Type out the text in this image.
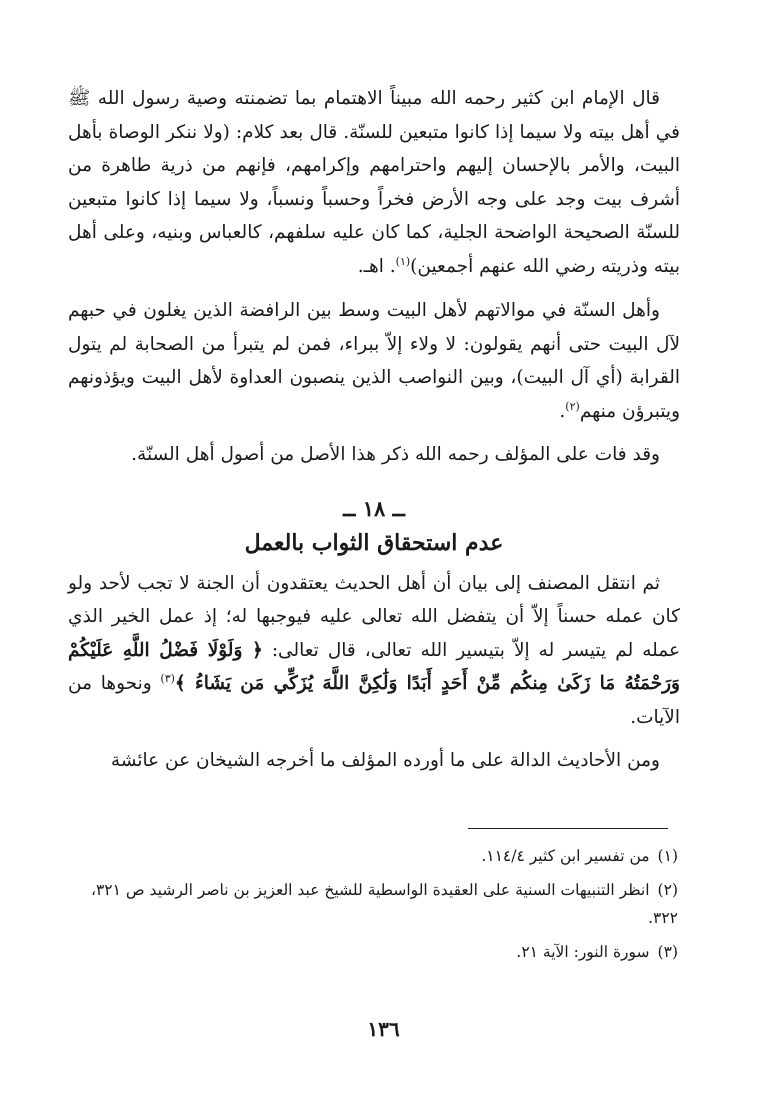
قال الإمام ابن كثير رحمه الله مبيناً الاهتمام بما تضمنته وصية رسول الله ﷺ في أهل بيته ولا سيما إذا كانوا متبعين للسنّة. قال بعد كلام: (ولا ننكر الوصاة بأهل البيت، والأمر بالإحسان إليهم واحترامهم وإكرامهم، فإنهم من ذرية طاهرة من أشرف بيت وجد على وجه الأرض فخراً وحسباً ونسباً، ولا سيما إذا كانوا متبعين للسنّة الصحيحة الواضحة الجلية، كما كان عليه سلفهم، كالعباس وبنيه، وعلى أهل بيته وذريته رضي الله عنهم أجمعين)$^{(١)}$. اهـ.

وأهل السنّة في موالاتهم لأهل البيت وسط بين الرافضة الذين يغلون في حبهم لآل البيت حتى أنهم يقولون: لا ولاء إلاّ ببراء، فمن لم يتبرأ من الصحابة لم يتول القرابة (أي آل البيت)، وبين النواصب الذين ينصبون العداوة لأهل البيت ويؤذونهم ويتبرؤن منهم$^{(٢)}$.

وقد فات على المؤلف رحمه الله ذكر هذا الأصل من أصول أهل السنّة.

ــ ١٨ ــ
عدم استحقاق الثواب بالعمل

ثم انتقل المصنف إلى بيان أن أهل الحديث يعتقدون أن الجنة لا تجب لأحد ولو كان عمله حسناً إلاّ أن يتفضل الله تعالى عليه فيوجبها له؛ إذ عمل الخير الذي عمله لم يتيسر له إلاّ بتيسير الله تعالى، قال تعالى: ﴿ وَلَوْلَا فَضْلُ اللَّهِ عَلَيْكُمْ وَرَحْمَتُهُ مَا زَكَىٰ مِنكُم مِّنْ أَحَدٍ أَبَدًا وَلَٰكِنَّ اللَّهَ يُزَكِّي مَن يَشَاءُ ﴾$^{(٣)}$ ونحوها من الآيات.

ومن الأحاديث الدالة على ما أورده المؤلف ما أخرجه الشيخان عن عائشة

(١)من تفسير ابن كثير ١١٤/٤.

(٢)انظر التنبيهات السنية على العقيدة الواسطية للشيخ عبد العزيز بن ناصر الرشيد ص ٣٢١، ٣٢٢.

(٣)سورة النور: الآية ٢١.

١٣٦
